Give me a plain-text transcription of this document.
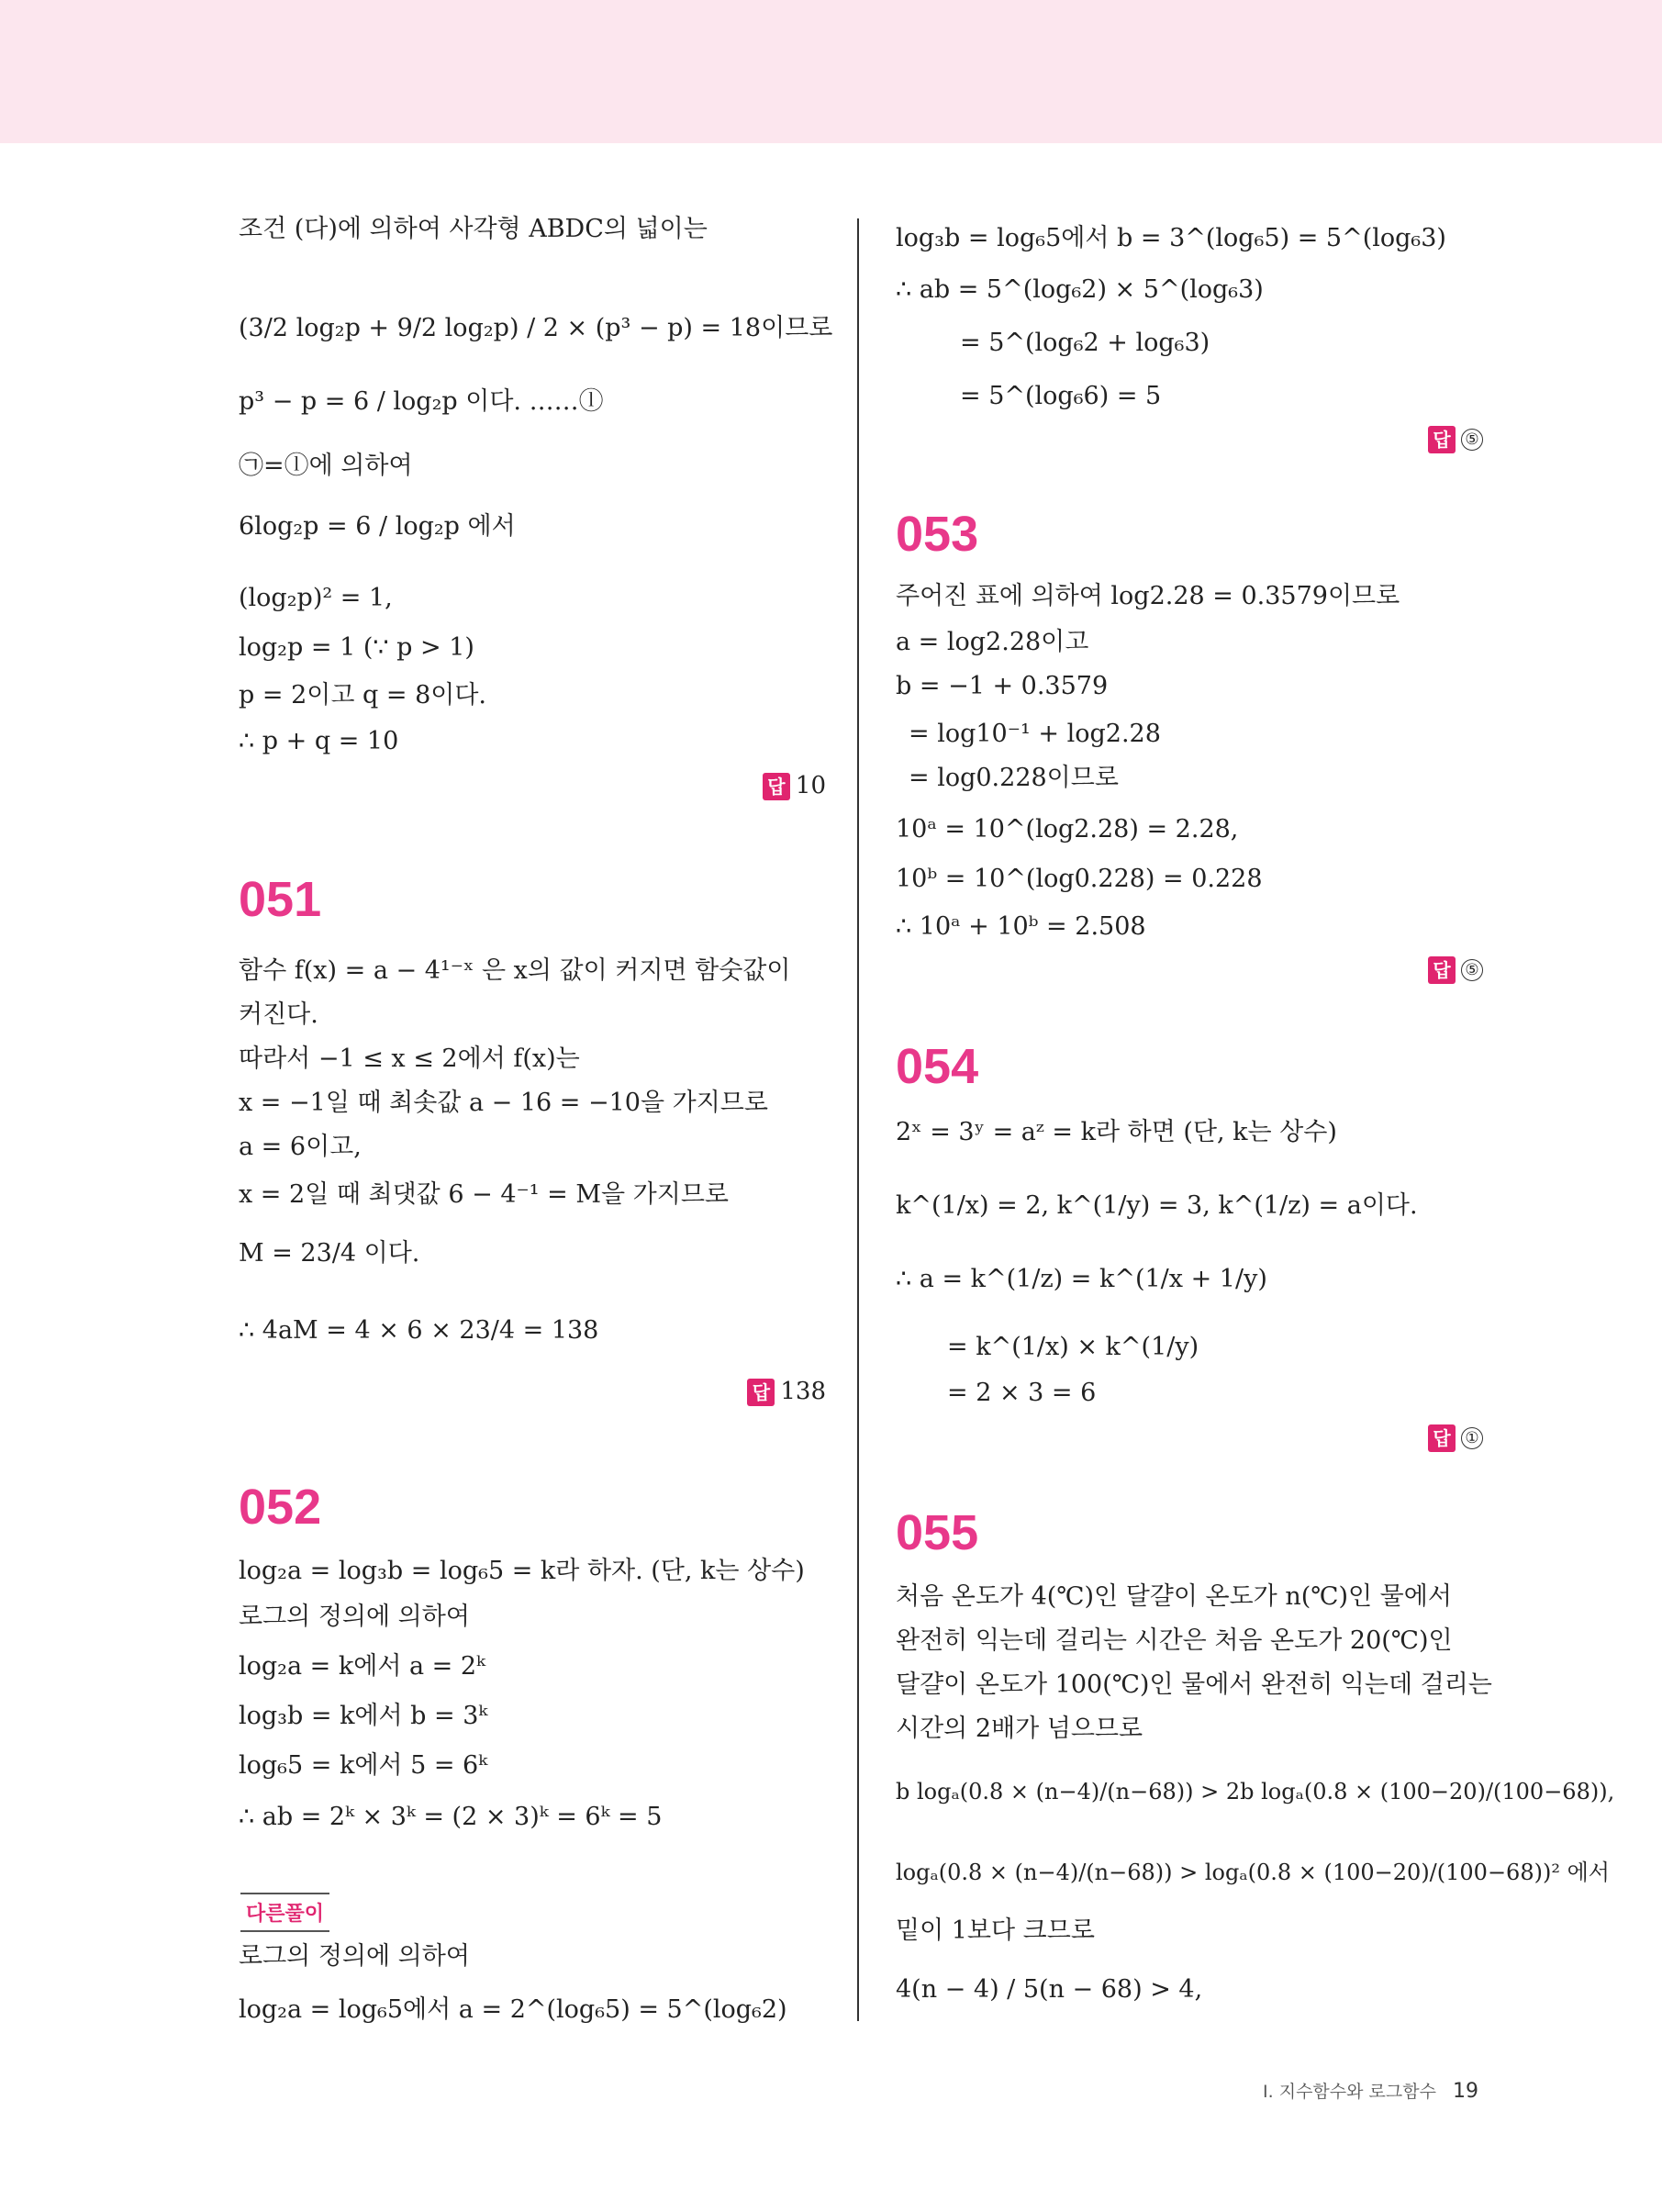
조건 (다)에 의하여 사각형 ABDC의 넓이는
(3/2 log₂p + 9/2 log₂p) / 2 × (p³ − p) = 18이므로
p³ − p = 6 / log₂p 이다. ……ⓛ
㉠=ⓛ에 의하여
6log₂p = 6 / log₂p 에서
(log₂p)² = 1,
log₂p = 1 (∵ p > 1)
p = 2이고 q = 8이다.
∴ p + q = 10
답 10
051
함수 f(x) = a − 4¹⁻ˣ 은 x의 값이 커지면 함숫값이
커진다.
따라서 −1 ≤ x ≤ 2에서 f(x)는
x = −1일 때 최솟값 a − 16 = −10을 가지므로
a = 6이고,
x = 2일 때 최댓값 6 − 4⁻¹ = M을 가지므로
M = 23/4 이다.
∴ 4aM = 4 × 6 × 23/4 = 138
답 138
052
log₂a = log₃b = log₆5 = k라 하자. (단, k는 상수)
로그의 정의에 의하여
log₂a = k에서 a = 2ᵏ
log₃b = k에서 b = 3ᵏ
log₆5 = k에서 5 = 6ᵏ
∴ ab = 2ᵏ × 3ᵏ = (2 × 3)ᵏ = 6ᵏ = 5
다른풀이
로그의 정의에 의하여
log₂a = log₆5에서 a = 2^(log₆5) = 5^(log₆2)
log₃b = log₆5에서 b = 3^(log₆5) = 5^(log₆3)
∴ ab = 5^(log₆2) × 5^(log₆3)
= 5^(log₆2 + log₆3)
= 5^(log₆6) = 5
답 ⑤
053
주어진 표에 의하여 log2.28 = 0.3579이므로
a = log2.28이고
b = −1 + 0.3579
= log10⁻¹ + log2.28
= log0.228이므로
10ᵃ = 10^(log2.28) = 2.28,
10ᵇ = 10^(log0.228) = 0.228
∴ 10ᵃ + 10ᵇ = 2.508
답 ⑤
054
2ˣ = 3ʸ = aᶻ = k라 하면 (단, k는 상수)
k^(1/x) = 2, k^(1/y) = 3, k^(1/z) = a이다.
∴ a = k^(1/z) = k^(1/x + 1/y)
= k^(1/x) × k^(1/y)
= 2 × 3 = 6
답 ①
055
처음 온도가 4(℃)인 달걀이 온도가 n(℃)인 물에서
완전히 익는데 걸리는 시간은 처음 온도가 20(℃)인
달걀이 온도가 100(℃)인 물에서 완전히 익는데 걸리는
시간의 2배가 넘으므로
b logₐ(0.8 × (n−4)/(n−68)) > 2b logₐ(0.8 × (100−20)/(100−68)),
logₐ(0.8 × (n−4)/(n−68)) > logₐ(0.8 × (100−20)/(100−68))² 에서
밑이 1보다 크므로
4(n − 4) / 5(n − 68) > 4,
I. 지수함수와 로그함수 19
